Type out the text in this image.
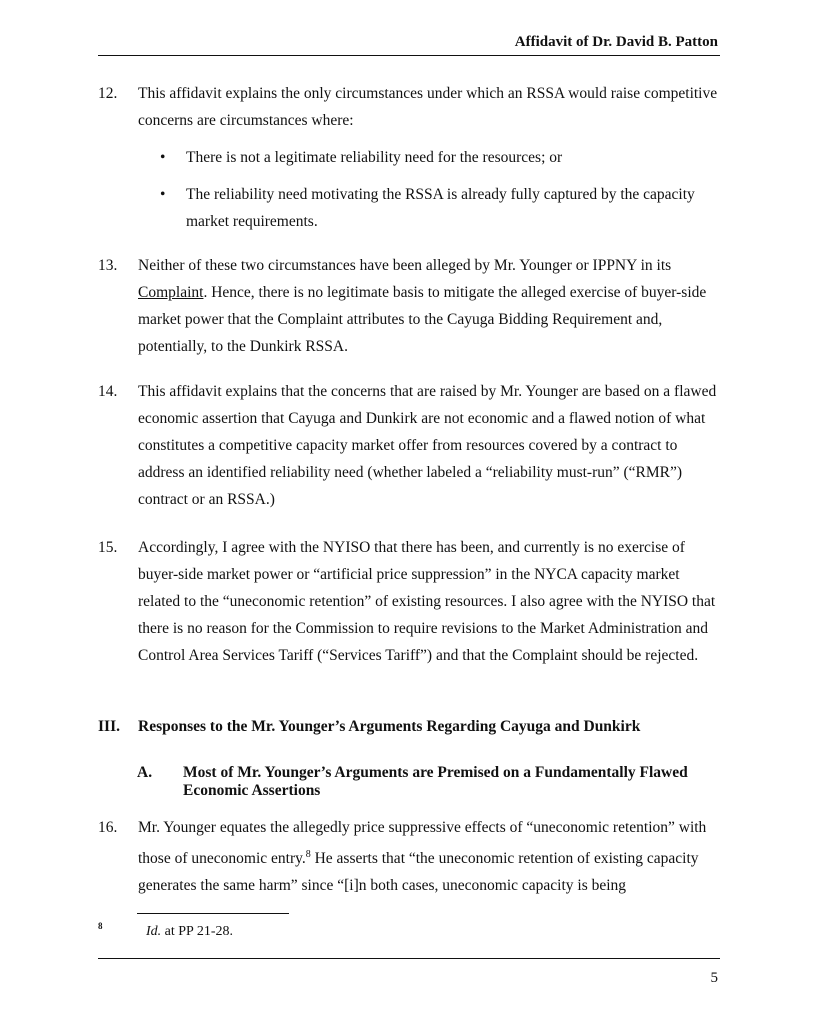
Affidavit of Dr. David B. Patton
12.	This affidavit explains the only circumstances under which an RSSA would raise competitive concerns are circumstances where:
• There is not a legitimate reliability need for the resources; or
• The reliability need motivating the RSSA is already fully captured by the capacity market requirements.
13.	Neither of these two circumstances have been alleged by Mr. Younger or IPPNY in its Complaint. Hence, there is no legitimate basis to mitigate the alleged exercise of buyer-side market power that the Complaint attributes to the Cayuga Bidding Requirement and, potentially, to the Dunkirk RSSA.
14.	This affidavit explains that the concerns that are raised by Mr. Younger are based on a flawed economic assertion that Cayuga and Dunkirk are not economic and a flawed notion of what constitutes a competitive capacity market offer from resources covered by a contract to address an identified reliability need (whether labeled a “reliability must-run” (“RMR”) contract or an RSSA.)
15.	Accordingly, I agree with the NYISO that there has been, and currently is no exercise of buyer-side market power or “artificial price suppression” in the NYCA capacity market related to the “uneconomic retention” of existing resources. I also agree with the NYISO that there is no reason for the Commission to require revisions to the Market Administration and Control Area Services Tariff (“Services Tariff”) and that the Complaint should be rejected.
III. Responses to the Mr. Younger’s Arguments Regarding Cayuga and Dunkirk
A. Most of Mr. Younger’s Arguments are Premised on a Fundamentally Flawed Economic Assertions
16.	Mr. Younger equates the allegedly price suppressive effects of “uneconomic retention” with those of uneconomic entry.$^8$ He asserts that “the uneconomic retention of existing capacity generates the same harm” since “[i]n both cases, uneconomic capacity is being
8	Id. at PP 21-28.
5
